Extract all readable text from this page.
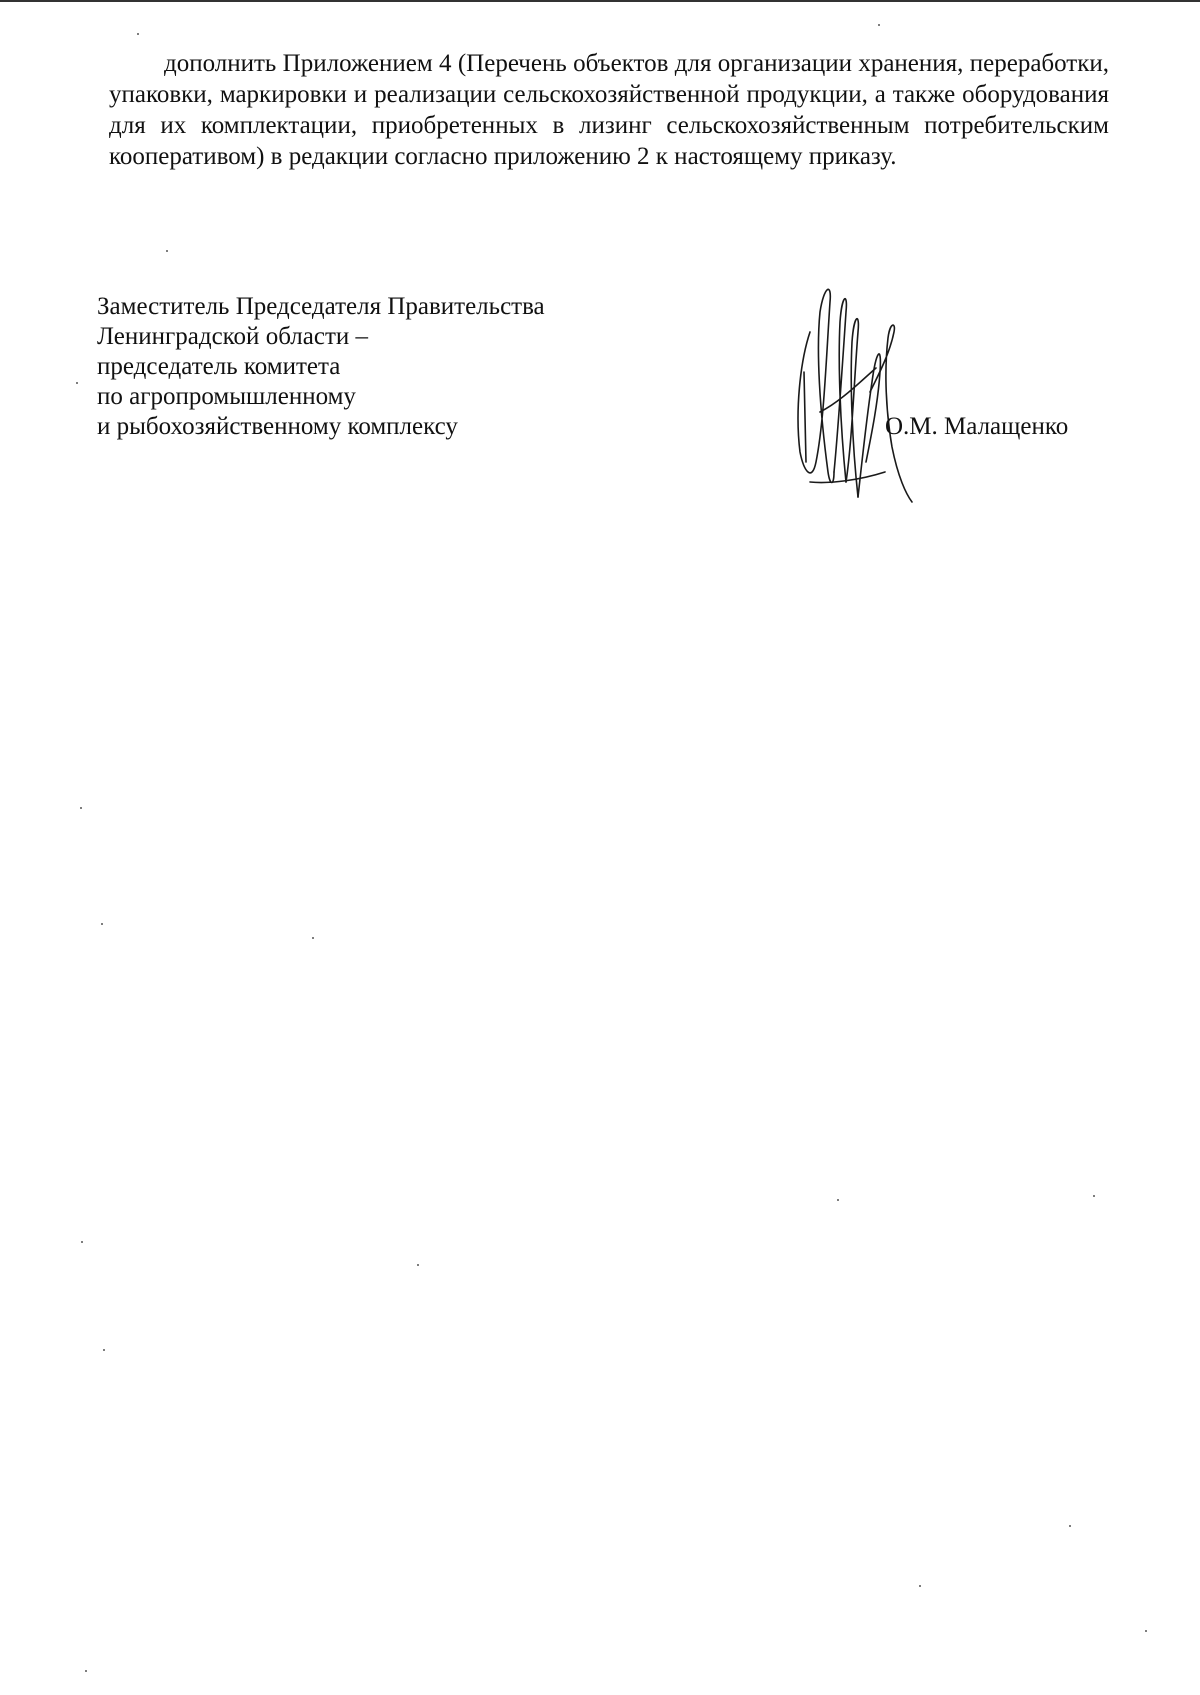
дополнить Приложением 4 (Перечень объектов для организации хранения, переработки, упаковки, маркировки и реализации сельскохозяйственной продукции, а также оборудования для их комплектации, приобретенных в лизинг сельскохозяйственным потребительским кооперативом) в редакции согласно приложению 2 к настоящему приказу.

Заместитель Председателя Правительства
Ленинградской области –
председатель комитета
по агропромышленному
и рыбохозяйственному комплексу	О.М. Малащенко
